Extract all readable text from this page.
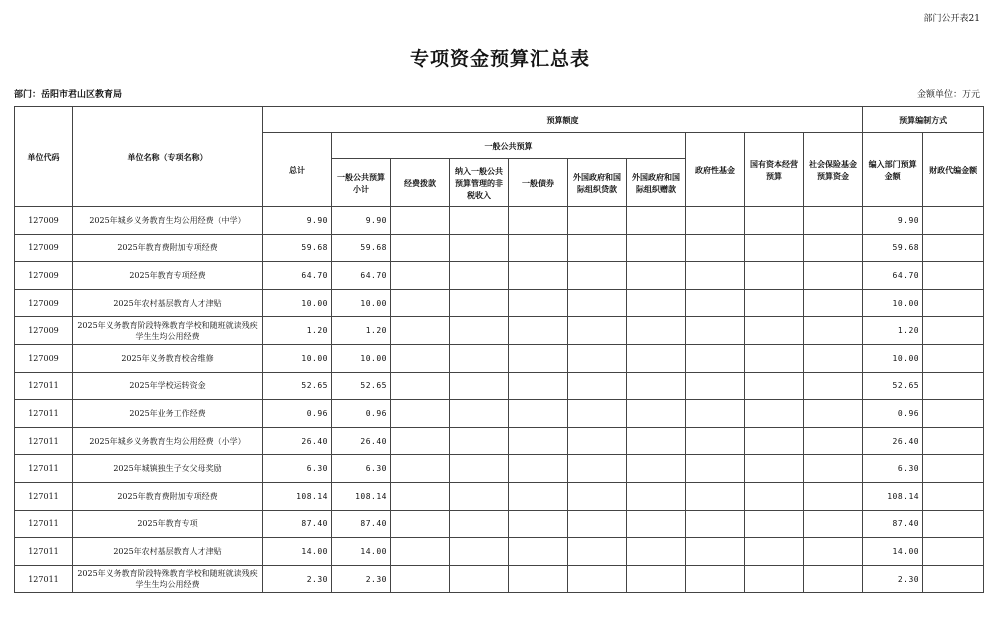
部门公开表21
专项资金预算汇总表
部门：岳阳市君山区教育局	金额单位：万元
单位代码	单位名称（专项名称）	预算额度										预算编制方式	
		总计	一般公共预算						政府性基金	国有资本经营预算	社会保险基金预算资金	编入部门预算金额	财政代编金额
			一般公共预算小计	经费拨款	纳入一般公共预算管理的非税收入	一般债券	外国政府和国际组织贷款	外国政府和国际组织赠款					
127009	2025年城乡义务教育生均公用经费（中学）	9.90	9.90									9.90	
127009	2025年教育费附加专项经费	59.68	59.68									59.68	
127009	2025年教育专项经费	64.70	64.70									64.70	
127009	2025年农村基层教育人才津贴	10.00	10.00									10.00	
127009	2025年义务教育阶段特殊教育学校和随班就读残疾学生生均公用经费	1.20	1.20									1.20	
127009	2025年义务教育校舍维修	10.00	10.00									10.00	
127011	2025年学校运转资金	52.65	52.65									52.65	
127011	2025年业务工作经费	0.96	0.96									0.96	
127011	2025年城乡义务教育生均公用经费（小学）	26.40	26.40									26.40	
127011	2025年城镇独生子女父母奖励	6.30	6.30									6.30	
127011	2025年教育费附加专项经费	108.14	108.14									108.14	
127011	2025年教育专项	87.40	87.40									87.40	
127011	2025年农村基层教育人才津贴	14.00	14.00									14.00	
127011	2025年义务教育阶段特殊教育学校和随班就读残疾学生生均公用经费	2.30	2.30									2.30	
